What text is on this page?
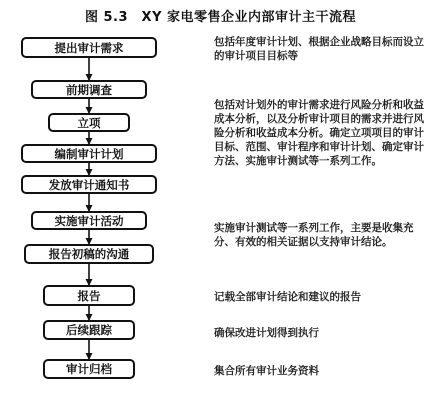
图 5.3　XY 家电零售企业内部审计主干流程
提出审计需求
前期调查
立项
编制审计计划
发放审计通知书
实施审计活动
报告初稿的沟通
报告
后续跟踪
审计归档
包括年度审计计划、根据企业战略目标而设立的审计项目目标等
包括对计划外的审计需求进行风险分析和收益成本分析，以及分析审计项目的需求并进行风险分析和收益成本分析。确定立项项目的审计目标、范围、审计程序和审计计划、确定审计方法、实施审计测试等一系列工作。
实施审计测试等一系列工作，主要是收集充分、有效的相关证据以支持审计结论。
记载全部审计结论和建议的报告
确保改进计划得到执行
集合所有审计业务资料
